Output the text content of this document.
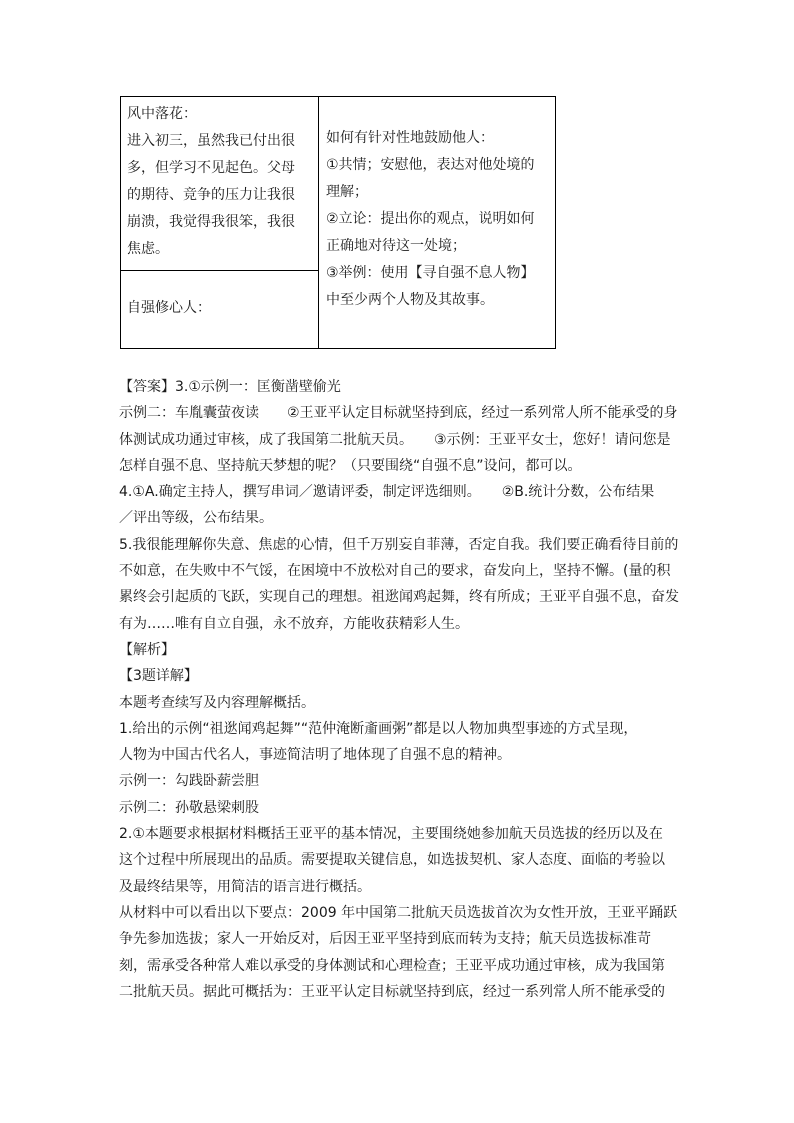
风中落花：
进入初三，虽然我已付出很
多，但学习不见起色。父母
的期待、竞争的压力让我很
崩溃，我觉得我很笨，我很
焦虑。
自强修心人：
如何有针对性地鼓励他人：
①共情；安慰他，表达对他处境的
理解；
②立论：提出你的观点，说明如何
正确地对待这一处境；
③举例：使用【寻自强不息人物】
中至少两个人物及其故事。
【答案】3.①示例一：匡衡凿壁偷光
示例二：车胤囊萤夜读　　②王亚平认定目标就坚持到底，经过一系列常人所不能承受的身
体测试成功通过审核，成了我国第二批航天员。　　③示例：王亚平女士，您好！请问您是
怎样自强不息、坚持航天梦想的呢？（只要围绕“自强不息”设问，都可以。
4.①A.确定主持人，撰写串词／邀请评委，制定评选细则。　　②B.统计分数，公布结果
／评出等级，公布结果。
5.我很能理解你失意、焦虑的心情，但千万别妄自菲薄，否定自我。我们要正确看待目前的
不如意，在失败中不气馁，在困境中不放松对自己的要求，奋发向上，坚持不懈。(量的积
累终会引起质的飞跃，实现自己的理想。祖逖闻鸡起舞，终有所成；王亚平自强不息，奋发
有为……唯有自立自强，永不放弃，方能收获精彩人生。
【解析】
【3题详解】
本题考查续写及内容理解概括。
1.给出的示例“祖逖闻鸡起舞”“范仲淹断齑画粥”都是以人物加典型事迹的方式呈现，
人物为中国古代名人，事迹简洁明了地体现了自强不息的精神。
示例一：勾践卧薪尝胆
示例二：孙敬悬梁刺股
2.①本题要求根据材料概括王亚平的基本情况，主要围绕她参加航天员选拔的经历以及在
这个过程中所展现出的品质。需要提取关键信息，如选拔契机、家人态度、面临的考验以
及最终结果等，用简洁的语言进行概括。
从材料中可以看出以下要点：2009 年中国第二批航天员选拔首次为女性开放，王亚平踊跃
争先参加选拔；家人一开始反对，后因王亚平坚持到底而转为支持；航天员选拔标准苛
刻，需承受各种常人难以承受的身体测试和心理检查；王亚平成功通过审核，成为我国第
二批航天员。据此可概括为：王亚平认定目标就坚持到底，经过一系列常人所不能承受的
